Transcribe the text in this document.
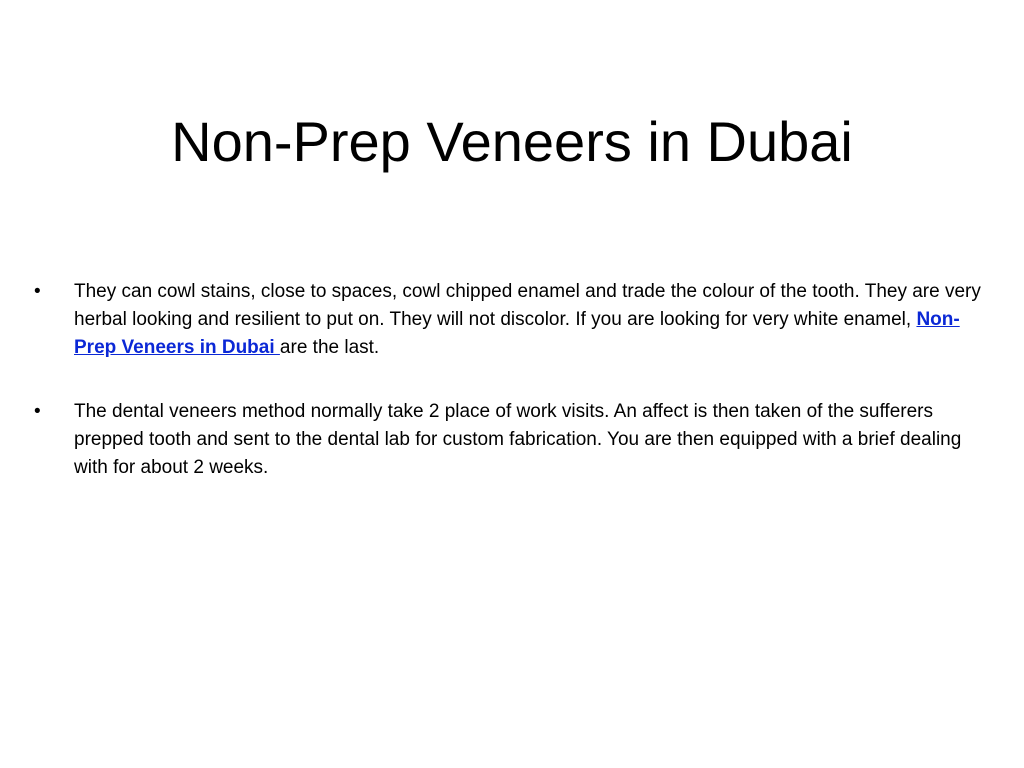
Non-Prep Veneers in Dubai
•	They can cowl stains, close to spaces, cowl chipped enamel and trade the colour of the tooth. They are very herbal looking and resilient to put on. They will not discolor. If you are looking for very white enamel, Non-Prep Veneers in Dubai are the last.
•	The dental veneers method normally take 2 place of work visits. An affect is then taken of the sufferers prepped tooth and sent to the dental lab for custom fabrication. You are then equipped with a brief dealing with for about 2 weeks.
